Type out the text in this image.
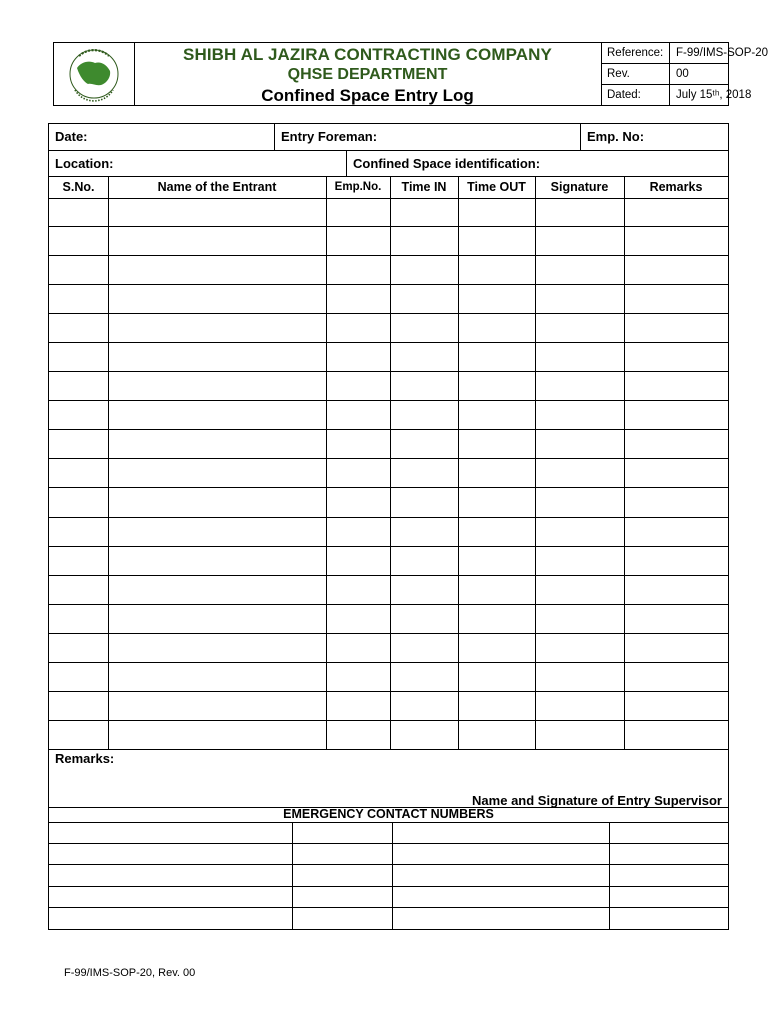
SHIBH AL JAZIRA CONTRACTING COMPANY
QHSE DEPARTMENT
Confined Space Entry Log
Reference:	F-99/IMS-SOP-20
Rev.	00
Dated:	July 15ᵗʰ, 2018
Date:	Entry Foreman:	Emp. No:
Location:	Confined Space identification:
S.No.	Name of the Entrant	Emp.No.	Time IN	Time OUT	Signature	Remarks
Remarks:
Name and Signature of Entry Supervisor
EMERGENCY CONTACT NUMBERS
F-99/IMS-SOP-20, Rev. 00
